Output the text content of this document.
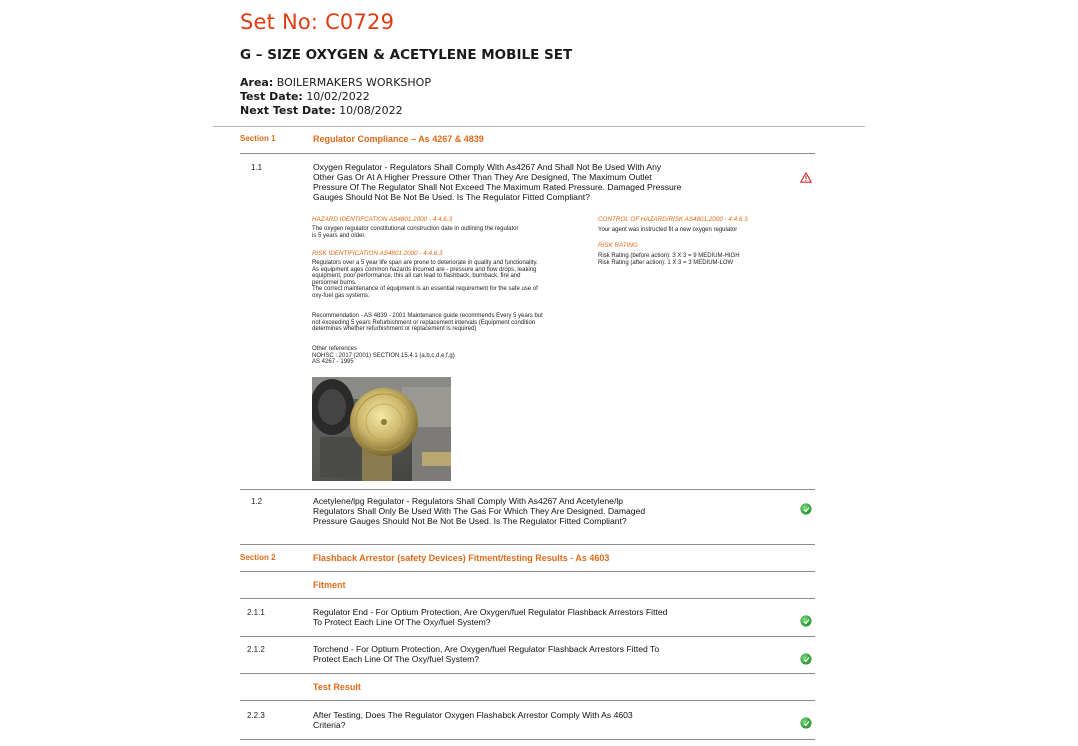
Set No: C0729
G – SIZE OXYGEN & ACETYLENE MOBILE SET
Area: BOILERMAKERS WORKSHOP
Test Date: 10/02/2022
Next Test Date: 10/08/2022
Section 1	Regulator Compliance – As 4267 & 4839
1.1	Oxygen Regulator - Regulators Shall Comply With As4267 And Shall Not Be Used With Any Other Gas Or At A Higher Pressure Other Than They Are Designed, The Maximum Outlet Pressure Of The Regulator Shall Not Exceed The Maximum Rated Pressure. Damaged Pressure Gauges Should Not Be Not Be Used. Is The Regulator Fitted Compliant?
HAZARD IDENTIFCATION AS4801.2000 - 4.4.6.3
The oxygen regulator constitutional construction date in outlining the regulator is 5 years and older.
RISK IDENTIFICATION AS4801.2000 - 4.4.6.3
Regulators over a 5 year life span are prone to deteriorate in quality and functionality.
As equipment ages common hazards incurred are - pressure and flow drops, leaking equipment, poor performance, this all can lead to flashback, burnback, fire and personnel burns.
The correct maintenance of equipment is an essential requirement for the safe use of oxy-fuel gas systems.
Recommendation - AS 4839 - 2001 Maintenance guide recommends Every 5 years but not exceeding 5 years Refurbishment or replacement intervals (Equipment condition determines whether refurbishment or replacement is required)
Other references
NOHSC : 2017 (2001) SECTION 15.4.1 (a,b,c,d,e,f,g)
AS 4267 - 1995
CONTROL OF HAZARD/RISK AS4801.2000 - 4.4.6.3
Your agent was instructed fit a new oxygen regulator
RISK RATING
Risk Rating (before action): 3 X 3 = 9 MEDIUM-HIGH
Risk Rating (after action): 1 X 3 = 3 MEDIUM-LOW
1.2	Acetylene/lpg Regulator - Regulators Shall Comply With As4267 And Acetylene/lp Regulators Shall Only Be Used With The Gas For Which They Are Designed. Damaged Pressure Gauges Should Not Be Not Be Used. Is The Regulator Fitted Compliant?
Section 2	Flashback Arrestor (safety Devices) Fitment/testing Results - As 4603
Fitment
2.1.1	Regulator End - For Optium Protection, Are Oxygen/fuel Regulator Flashback Arrestors Fitted To Protect Each Line Of The Oxy/fuel System?
2.1.2	Torchend - For Optium Protection, Are Oxygen/fuel Regulator Flashback Arrestors Fitted To Protect Each Line Of The Oxy/fuel System?
Test Result
2.2.3	After Testing, Does The Regulator Oxygen Flashabck Arrestor Comply With As 4603 Criteria?
